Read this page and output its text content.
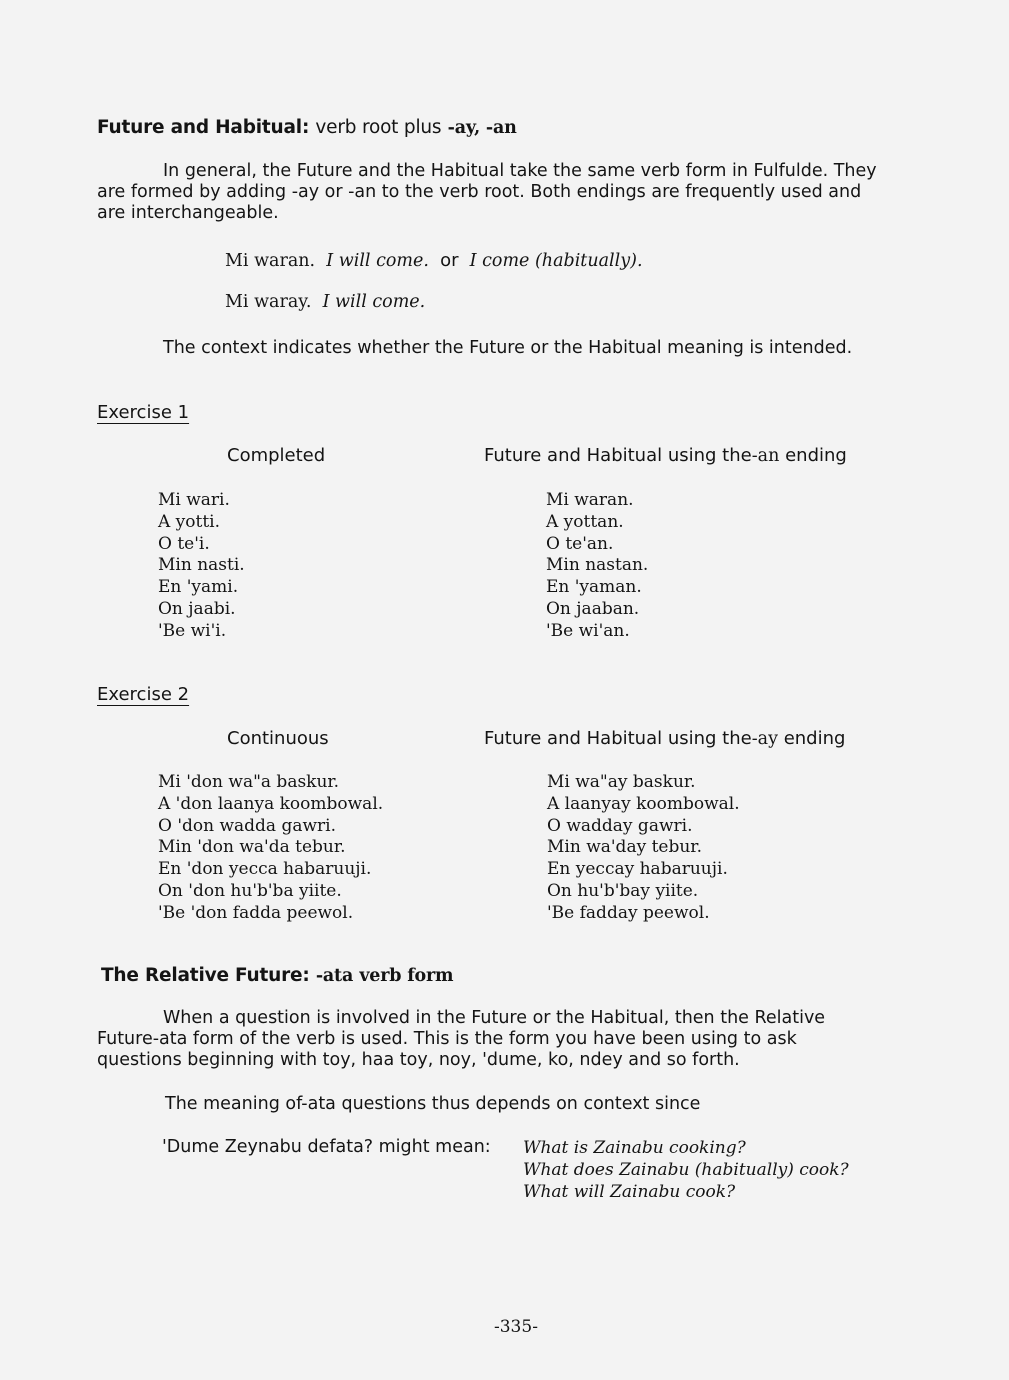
Future and Habitual: verb root plus -ay, -an
In general, the Future and the Habitual take the same verb form in Fulfulde. They
are formed by adding -ay or -an to the verb root. Both endings are frequently used and
are interchangeable.
Mi waran. I will come. or I come (habitually).
Mi waray. I will come.
The context indicates whether the Future or the Habitual meaning is intended.
Exercise 1
Completed	Future and Habitual using the-an ending
Mi wari.
A yotti.
O te'i.
Min nasti.
En 'yami.
On jaabi.
'Be wi'i.
Mi waran.
A yottan.
O te'an.
Min nastan.
En 'yaman.
On jaaban.
'Be wi'an.
Exercise 2
Continuous	Future and Habitual using the-ay ending
Mi 'don wa"a baskur.
A 'don laanya koombowal.
O 'don wadda gawri.
Min 'don wa'da tebur.
En 'don yecca habaruuji.
On 'don hu'b'ba yiite.
'Be 'don fadda peewol.
Mi wa"ay baskur.
A laanyay koombowal.
O wadday gawri.
Min wa'day tebur.
En yeccay habaruuji.
On hu'b'bay yiite.
'Be fadday peewol.
The Relative Future: -ata verb form
When a question is involved in the Future or the Habitual, then the Relative
Future-ata form of the verb is used. This is the form you have been using to ask
questions beginning with toy, haa toy, noy, 'dume, ko, ndey and so forth.
The meaning of-ata questions thus depends on context since
'Dume Zeynabu defata? might mean: What is Zainabu cooking?
What does Zainabu (habitually) cook?
What will Zainabu cook?
-335-
